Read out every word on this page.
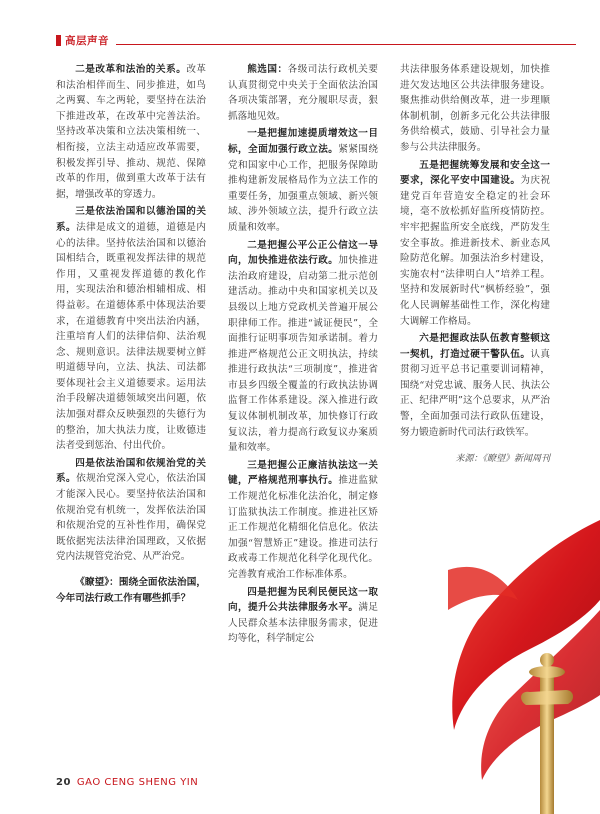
高层声音

二是改革和法治的关系。改革和法治相伴而生、同步推进，如鸟之两翼、车之两轮，要坚持在法治下推进改革，在改革中完善法治。坚持改革决策和立法决策相统一、相衔接，立法主动适应改革需要，积极发挥引导、推动、规范、保障改革的作用，做到重大改革于法有据，增强改革的穿透力。

三是依法治国和以德治国的关系。法律是成文的道德，道德是内心的法律。坚持依法治国和以德治国相结合，既重视发挥法律的规范作用，又重视发挥道德的教化作用，实现法治和德治相辅相成、相得益彰。在道德体系中体现法治要求，在道德教育中突出法治内涵，注重培育人们的法律信仰、法治观念、规则意识。法律法规要树立鲜明道德导向，立法、执法、司法都要体现社会主义道德要求。运用法治手段解决道德领域突出问题，依法加强对群众反映强烈的失德行为的整治，加大执法力度，让败德违法者受到惩治、付出代价。

四是依法治国和依规治党的关系。依规治党深入党心，依法治国才能深入民心。要坚持依法治国和依规治党有机统一，发挥依法治国和依规治党的互补性作用，确保党既依据宪法法律治国理政，又依据党内法规管党治党、从严治党。

《瞭望》：围绕全面依法治国，今年司法行政工作有哪些抓手？

熊选国：各级司法行政机关要认真贯彻党中央关于全面依法治国各项决策部署，充分履职尽责，狠抓落地见效。

一是把握加速提质增效这一目标，全面加强行政立法。紧紧围绕党和国家中心工作，把服务保障助推构建新发展格局作为立法工作的重要任务，加强重点领域、新兴领域、涉外领域立法，提升行政立法质量和效率。

二是把握公平公正公信这一导向，加快推进依法行政。加快推进法治政府建设，启动第二批示范创建活动。推动中央和国家机关以及县级以上地方党政机关普遍开展公职律师工作。推进“诚证便民”，全面推行证明事项告知承诺制。着力推进严格规范公正文明执法，持续推进行政执法“三项制度”，推进省市县乡四级全覆盖的行政执法协调监督工作体系建设。深入推进行政复议体制机制改革，加快修订行政复议法，着力提高行政复议办案质量和效率。

三是把握公正廉洁执法这一关键，严格规范刑事执行。推进监狱工作规范化标准化法治化，制定修订监狱执法工作制度。推进社区矫正工作规范化精细化信息化。依法加强“智慧矫正”建设。推进司法行政戒毒工作规范化科学化现代化。完善教育戒治工作标准体系。

四是把握为民利民便民这一取向，提升公共法律服务水平。满足人民群众基本法律服务需求，促进均等化，科学制定公

共法律服务体系建设规划，加快推进欠发达地区公共法律服务建设。聚焦推动供给侧改革，进一步理顺体制机制，创新多元化公共法律服务供给模式，鼓励、引导社会力量参与公共法律服务。

五是把握统筹发展和安全这一要求，深化平安中国建设。为庆祝建党百年营造安全稳定的社会环境，毫不放松抓好监所疫情防控。牢牢把握监所安全底线，严防发生安全事故。推进新技术、新业态风险防范化解。加强法治乡村建设，实施农村“法律明白人”培养工程。坚持和发展新时代“枫桥经验”，强化人民调解基础性工作，深化构建大调解工作格局。

六是把握政法队伍教育整顿这一契机，打造过硬干警队伍。认真贯彻习近平总书记重要训词精神，围绕“对党忠诚、服务人民、执法公正、纪律严明”这个总要求，从严治警，全面加强司法行政队伍建设，努力锻造新时代司法行政铁军。

来源：《瞭望》新闻周刊

20 GAO CENG SHENG YIN
